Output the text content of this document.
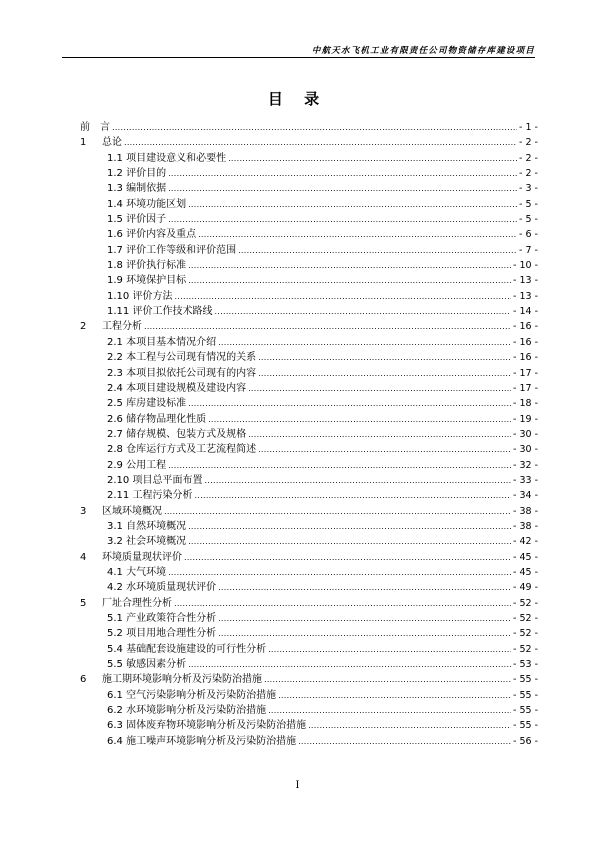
中航天水飞机工业有限责任公司物资储存库建设项目
目 录
前　言 .....	- 1 -
1	总论 .....	- 2 -
1.1 项目建设意义和必要性 .....	- 2 -
1.2 评价目的 .....	- 2 -
1.3 编制依据 .....	- 3 -
1.4 环境功能区划 .....	- 5 -
1.5 评价因子 .....	- 5 -
1.6 评价内容及重点 .....	- 6 -
1.7 评价工作等级和评价范围 .....	- 7 -
1.8 评价执行标准 .....	- 10 -
1.9 环境保护目标 .....	- 13 -
1.10 评价方法 .....	- 13 -
1.11 评价工作技术路线 .....	- 14 -
2	工程分析 .....	- 16 -
2.1 本项目基本情况介绍 .....	- 16 -
2.2 本工程与公司现有情况的关系 .....	- 16 -
2.3 本项目拟依托公司现有的内容 .....	- 17 -
2.4 本项目建设规模及建设内容 .....	- 17 -
2.5 库房建设标准 .....	- 18 -
2.6 储存物品理化性质 .....	- 19 -
2.7 储存规模、包装方式及规格 .....	- 30 -
2.8 仓库运行方式及工艺流程简述 .....	- 30 -
2.9 公用工程 .....	- 32 -
2.10 项目总平面布置 .....	- 33 -
2.11 工程污染分析 .....	- 34 -
3	区域环境概况 .....	- 38 -
3.1 自然环境概况 .....	- 38 -
3.2 社会环境概况 .....	- 42 -
4	环境质量现状评价 .....	- 45 -
4.1 大气环境 .....	- 45 -
4.2 水环境质量现状评价 .....	- 49 -
5	厂址合理性分析 .....	- 52 -
5.1 产业政策符合性分析 .....	- 52 -
5.2 项目用地合理性分析 .....	- 52 -
5.4 基础配套设施建设的可行性分析 .....	- 52 -
5.5 敏感因素分析 .....	- 53 -
6	施工期环境影响分析及污染防治措施 .....	- 55 -
6.1 空气污染影响分析及污染防治措施 .....	- 55 -
6.2 水环境影响分析及污染防治措施 .....	- 55 -
6.3 固体废弃物环境影响分析及污染防治措施 .....	- 55 -
6.4 施工噪声环境影响分析及污染防治措施 .....	- 56 -
I
